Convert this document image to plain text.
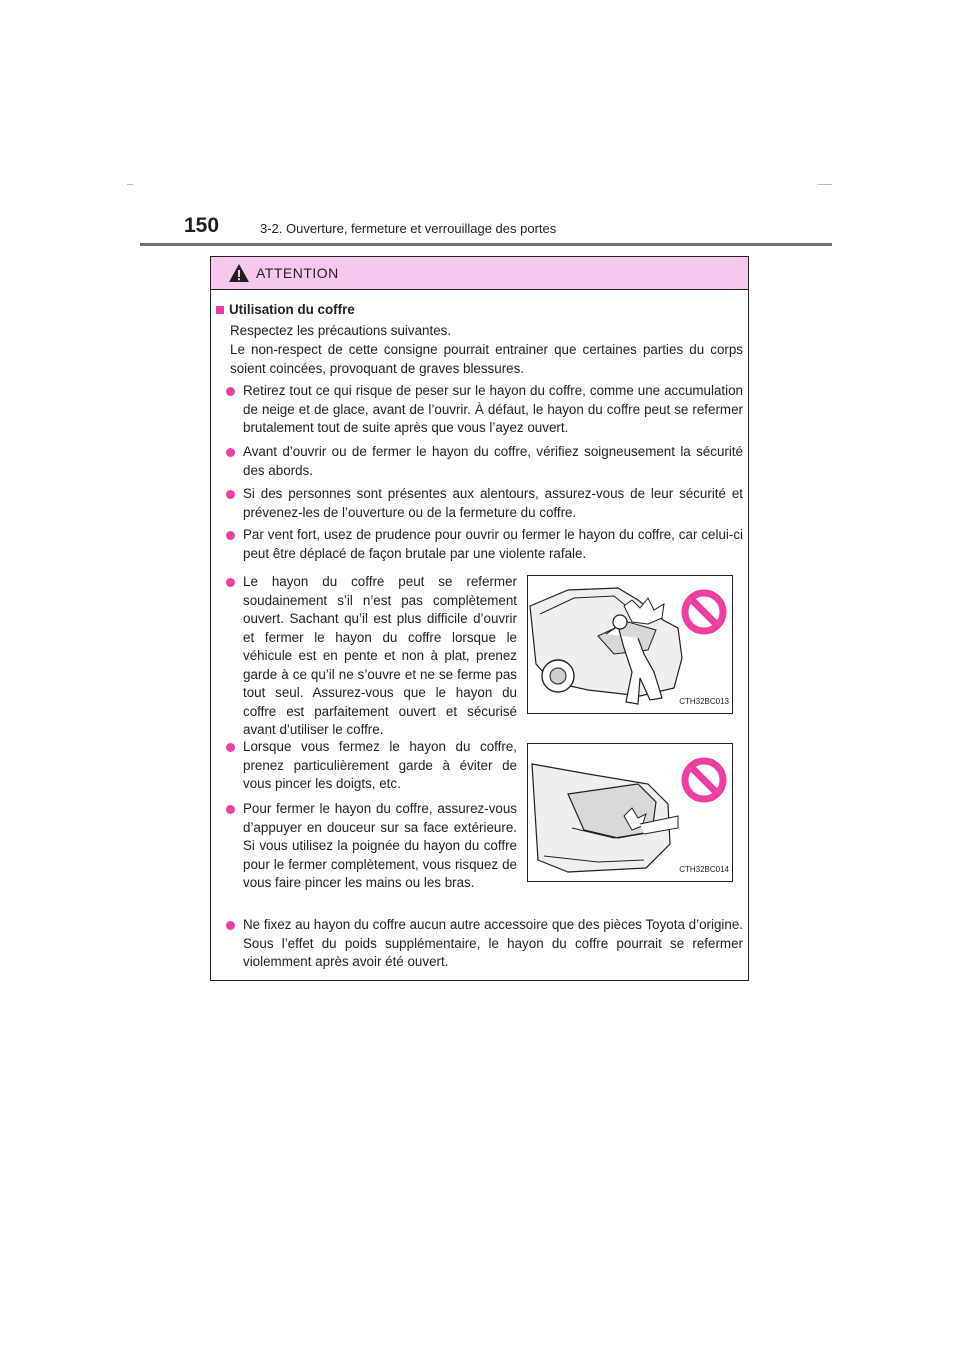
150	3-2. Ouverture, fermeture et verrouillage des portes
ATTENTION
Utilisation du coffre
Respectez les précautions suivantes.
Le non-respect de cette consigne pourrait entrainer que certaines parties du corps soient coincées, provoquant de graves blessures.
Retirez tout ce qui risque de peser sur le hayon du coffre, comme une accumulation de neige et de glace, avant de l’ouvrir. À défaut, le hayon du coffre peut se refermer brutalement tout de suite après que vous l’ayez ouvert.
Avant d’ouvrir ou de fermer le hayon du coffre, vérifiez soigneusement la sécurité des abords.
Si des personnes sont présentes aux alentours, assurez-vous de leur sécurité et prévenez-les de l’ouverture ou de la fermeture du coffre.
Par vent fort, usez de prudence pour ouvrir ou fermer le hayon du coffre, car celui-ci peut être déplacé de façon brutale par une violente rafale.
Le hayon du coffre peut se refermer soudainement s’il n’est pas complètement ouvert. Sachant qu’il est plus difficile d’ouvrir et fermer le hayon du coffre lorsque le véhicule est en pente et non à plat, prenez garde à ce qu’il ne s’ouvre et ne se ferme pas tout seul. Assurez-vous que le hayon du coffre est parfaitement ouvert et sécurisé avant d’utiliser le coffre.
Lorsque vous fermez le hayon du coffre, prenez particulièrement garde à éviter de vous pincer les doigts, etc.
Pour fermer le hayon du coffre, assurez-vous d’appuyer en douceur sur sa face extérieure. Si vous utilisez la poignée du hayon du coffre pour le fermer complètement, vous risquez de vous faire pincer les mains ou les bras.
Ne fixez au hayon du coffre aucun autre accessoire que des pièces Toyota d’origine. Sous l’effet du poids supplémentaire, le hayon du coffre pourrait se refermer violemment après avoir été ouvert.
CTH32BC013
CTH32BC014
